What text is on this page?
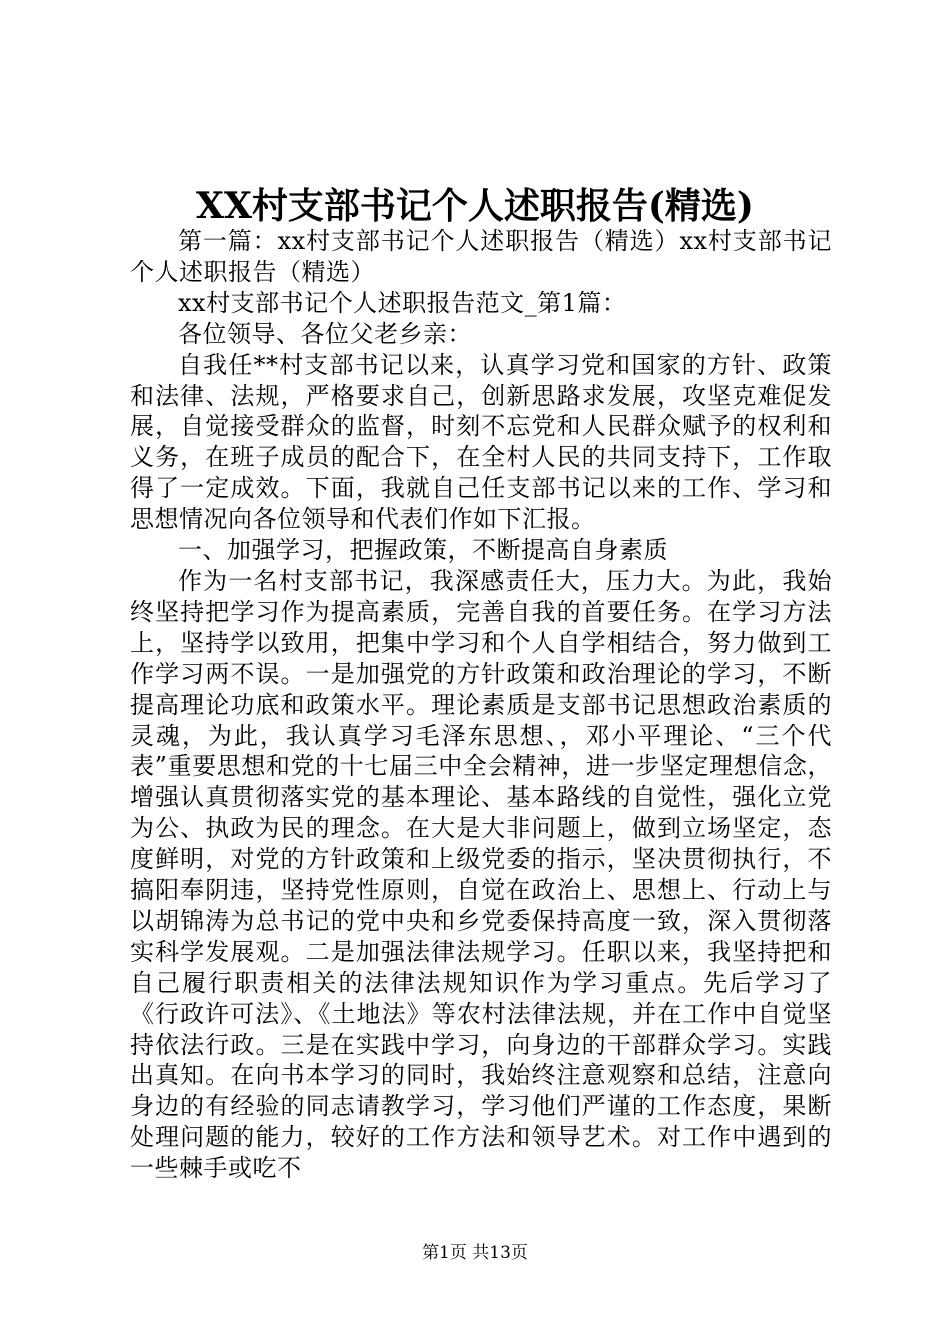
XX村支部书记个人述职报告(精选)

第一篇：xx村支部书记个人述职报告（精选）xx村支部书记个人述职报告（精选）

xx村支部书记个人述职报告范文_第1篇：

各位领导、各位父老乡亲：

自我任**村支部书记以来，认真学习党和国家的方针、政策和法律、法规，严格要求自己，创新思路求发展，攻坚克难促发展，自觉接受群众的监督，时刻不忘党和人民群众赋予的权利和义务，在班子成员的配合下，在全村人民的共同支持下，工作取得了一定成效。下面，我就自己任支部书记以来的工作、学习和思想情况向各位领导和代表们作如下汇报。

一、加强学习，把握政策，不断提高自身素质

作为一名村支部书记，我深感责任大，压力大。为此，我始终坚持把学习作为提高素质，完善自我的首要任务。在学习方法上，坚持学以致用，把集中学习和个人自学相结合，努力做到工作学习两不误。一是加强党的方针政策和政治理论的学习，不断提高理论功底和政策水平。理论素质是支部书记思想政治素质的灵魂，为此，我认真学习毛泽东思想、，邓小平理论、“三个代表”重要思想和党的十七届三中全会精神，进一步坚定理想信念，增强认真贯彻落实党的基本理论、基本路线的自觉性，强化立党为公、执政为民的理念。在大是大非问题上，做到立场坚定，态度鲜明，对党的方针政策和上级党委的指示，坚决贯彻执行，不搞阳奉阴违，坚持党性原则，自觉在政治上、思想上、行动上与以胡锦涛为总书记的党中央和乡党委保持高度一致，深入贯彻落实科学发展观。二是加强法律法规学习。任职以来，我坚持把和自己履行职责相关的法律法规知识作为学习重点。先后学习了《行政许可法》、《土地法》等农村法律法规，并在工作中自觉坚持依法行政。三是在实践中学习，向身边的干部群众学习。实践出真知。在向书本学习的同时，我始终注意观察和总结，注意向身边的有经验的同志请教学习，学习他们严谨的工作态度，果断处理问题的能力，较好的工作方法和领导艺术。对工作中遇到的一些棘手或吃不

第1页 共13页
